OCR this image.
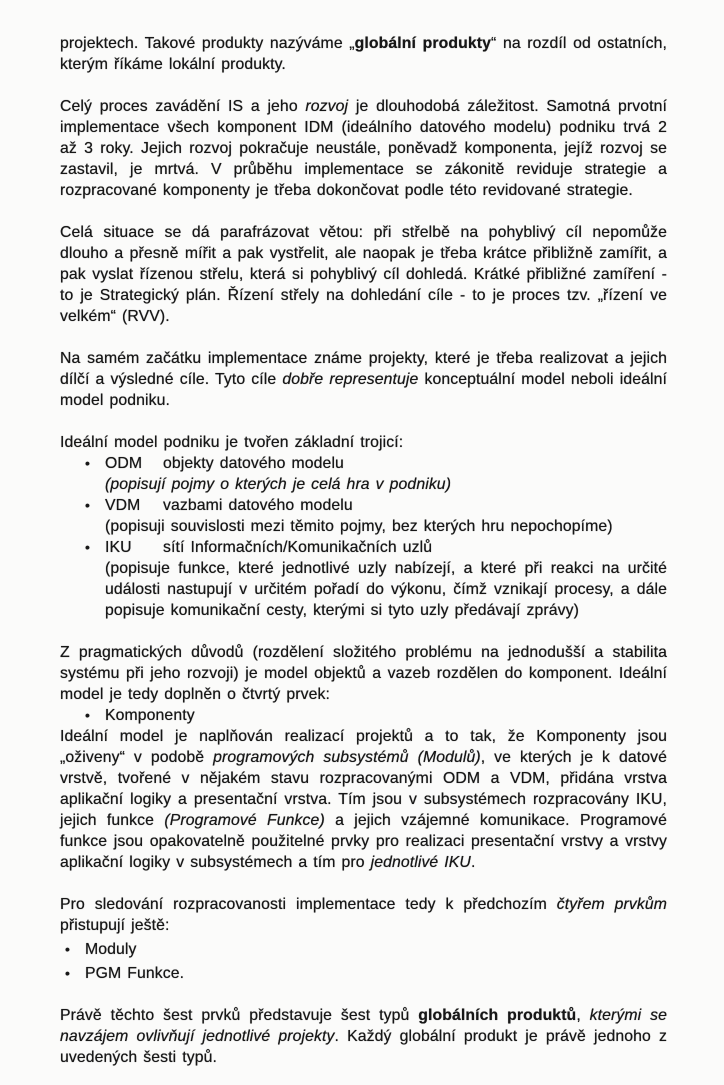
projektech. Takové produkty nazýváme „globální produkty“ na rozdíl od ostatních, kterým říkáme lokální produkty.
Celý proces zavádění IS a jeho rozvoj je dlouhodobá záležitost. Samotná prvotní implementace všech komponent IDM (ideálního datového modelu) podniku trvá 2 až 3 roky. Jejich rozvoj pokračuje neustále, poněvadž komponenta, jejíž rozvoj se zastavil, je mrtvá. V průběhu implementace se zákonitě reviduje strategie a rozpracované komponenty je třeba dokončovat podle této revidované strategie.
Celá situace se dá parafrázovat větou: při střelbě na pohyblivý cíl nepomůže dlouho a přesně mířit a pak vystřelit, ale naopak je třeba krátce přibližně zamířit, a pak vyslat řízenou střelu, která si pohyblivý cíl dohledá. Krátké přibližné zamíření - to je Strategický plán. Řízení střely na dohledání cíle - to je proces tzv. „řízení ve velkém“ (RVV).
Na samém začátku implementace známe projekty, které je třeba realizovat a jejich dílčí a výsledné cíle. Tyto cíle dobře representuje konceptuální model neboli ideální model podniku.
Ideální model podniku je tvořen základní trojicí:
• ODM objekty datového modelu
(popisují pojmy o kterých je celá hra v podniku)
• VDM vazbami datového modelu
(popisuji souvislosti mezi těmito pojmy, bez kterých hru nepochopíme)
• IKU sítí Informačních/Komunikačních uzlů
(popisuje funkce, které jednotlivé uzly nabízejí, a které při reakci na určité události nastupují v určitém pořadí do výkonu, čímž vznikají procesy, a dále popisuje komunikační cesty, kterými si tyto uzly předávají zprávy)
Z pragmatických důvodů (rozdělení složitého problému na jednodušší a stabilita systému při jeho rozvoji) je model objektů a vazeb rozdělen do komponent. Ideální model je tedy doplněn o čtvrtý prvek:
• Komponenty
Ideální model je naplňován realizací projektů a to tak, že Komponenty jsou „oživeny“ v podobě programových subsystémů (Modulů), ve kterých je k datové vrstvě, tvořené v nějakém stavu rozpracovanými ODM a VDM, přidána vrstva aplikační logiky a presentační vrstva. Tím jsou v subsystémech rozpracovány IKU, jejich funkce (Programové Funkce) a jejich vzájemné komunikace. Programové funkce jsou opakovatelně použitelné prvky pro realizaci presentační vrstvy a vrstvy aplikační logiky v subsystémech a tím pro jednotlivé IKU.
Pro sledování rozpracovanosti implementace tedy k předchozím čtyřem prvkům přistupují ještě:
• Moduly
• PGM Funkce.
Právě těchto šest prvků představuje šest typů globálních produktů, kterými se navzájem ovlivňují jednotlivé projekty. Každý globální produkt je právě jednoho z uvedených šesti typů.
